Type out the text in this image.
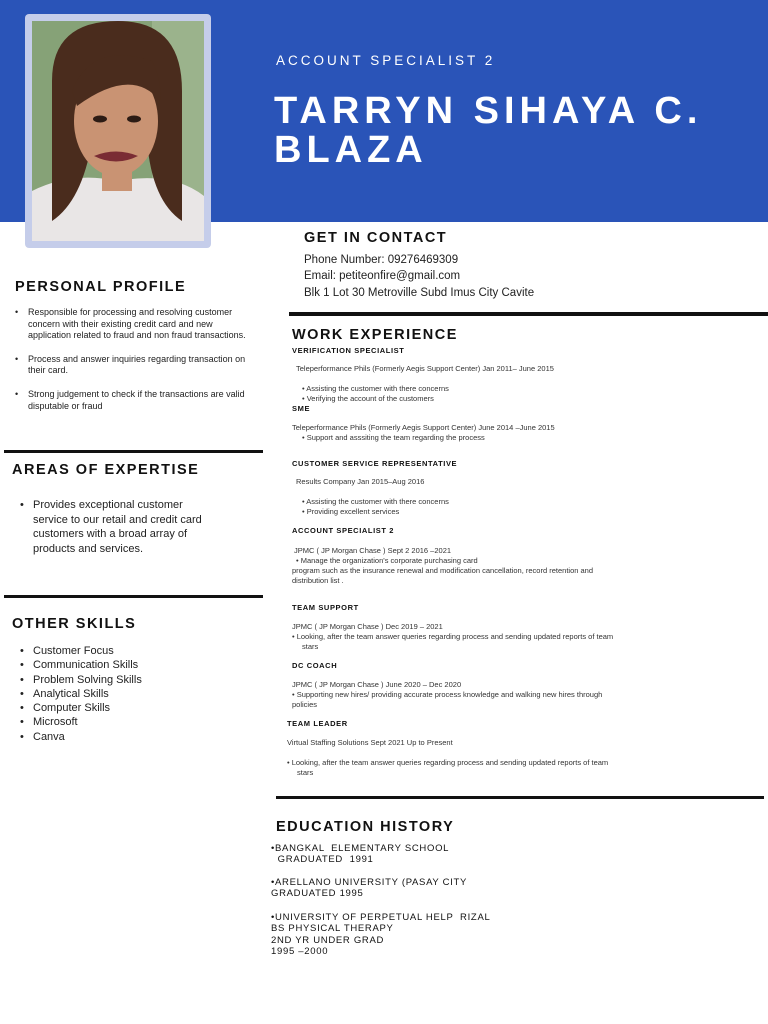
ACCOUNT SPECIALIST 2
TARRYN SIHAYA C.
BLAZA
GET IN CONTACT
Phone Number: 09276469309
Email: petiteonfire@gmail.com
Blk 1 Lot 30 Metroville Subd Imus City Cavite
PERSONAL PROFILE
• Responsible for processing and resolving customer concern with their existing credit card and new application related to fraud and non fraud transactions.
• Process and answer inquiries regarding transaction on their card.
• Strong judgement to check if the transactions are valid disputable or fraud
AREAS OF EXPERTISE
• Provides exceptional customer service to our retail and credit card customers with a broad array of products and services.
OTHER SKILLS
• Customer Focus
• Communication Skills
• Problem Solving Skills
• Analytical Skills
• Computer Skills
• Microsoft
• Canva
WORK EXPERIENCE
VERIFICATION SPECIALIST
Teleperformance Phils (Formerly Aegis Support Center) Jan 2011– June 2015
• Assisting the customer with there concerns
• Verifying the account of the customers
SME
Teleperformance Phils (Formerly Aegis Support Center) June 2014 –June 2015
• Support and asssiting the team regarding the process
CUSTOMER SERVICE REPRESENTATIVE
Results Company Jan 2015–Aug 2016
• Assisting the customer with there concerns
• Providing excellent services
ACCOUNT SPECIALIST 2
JPMC ( JP Morgan Chase ) Sept 2 2016 –2021
• Manage the organization's corporate purchasing card
program such as the insurance renewal and modification cancellation, record retention and
distribution list .
TEAM SUPPORT
JPMC ( JP Morgan Chase ) Dec 2019 – 2021
• Looking, after the team answer queries regarding process and sending updated reports of team
stars
DC COACH
JPMC ( JP Morgan Chase ) June 2020 – Dec 2020
• Supporting new hires/ providing accurate process knowledge and walking new hires through
policies
TEAM LEADER
Virtual Staffing Solutions Sept 2021 Up to Present
• Looking, after the team answer queries regarding process and sending updated reports of team
stars
EDUCATION HISTORY
•BANGKAL  ELEMENTARY SCHOOL
GRADUATED  1991
•ARELLANO UNIVERSITY (PASAY CITY
GRADUATED 1995
•UNIVERSITY OF PERPETUAL HELP  RIZAL
BS PHYSICAL THERAPY
2ND YR UNDER GRAD
1995 –2000
